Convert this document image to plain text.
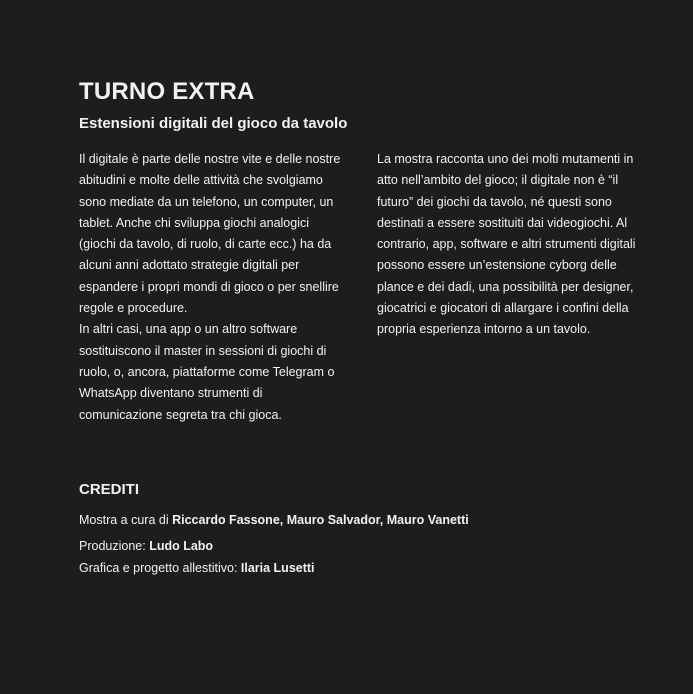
TURNO EXTRA
Estensioni digitali del gioco da tavolo

Il digitale è parte delle nostre vite e delle nostre abitudini e molte delle attività che svolgiamo sono mediate da un telefono, un computer, un tablet. Anche chi sviluppa giochi analogici (giochi da tavolo, di ruolo, di carte ecc.) ha da alcuni anni adottato strategie digitali per espandere i propri mondi di gioco o per snellire regole e procedure.
In altri casi, una app o un altro software sostituiscono il master in sessioni di giochi di ruolo, o, ancora, piattaforme come Telegram o WhatsApp diventano strumenti di comunicazione segreta tra chi gioca.

La mostra racconta uno dei molti mutamenti in atto nell’ambito del gioco; il digitale non è “il futuro” dei giochi da tavolo, né questi sono destinati a essere sostituiti dai videogiochi. Al contrario, app, software e altri strumenti digitali possono essere un’estensione cyborg delle plance e dei dadi, una possibilità per designer, giocatrici e giocatori di allargare i confini della propria esperienza intorno a un tavolo.

CREDITI

Mostra a cura di Riccardo Fassone, Mauro Salvador, Mauro Vanetti

Produzione: Ludo Labo

Grafica e progetto allestitivo: Ilaria Lusetti
